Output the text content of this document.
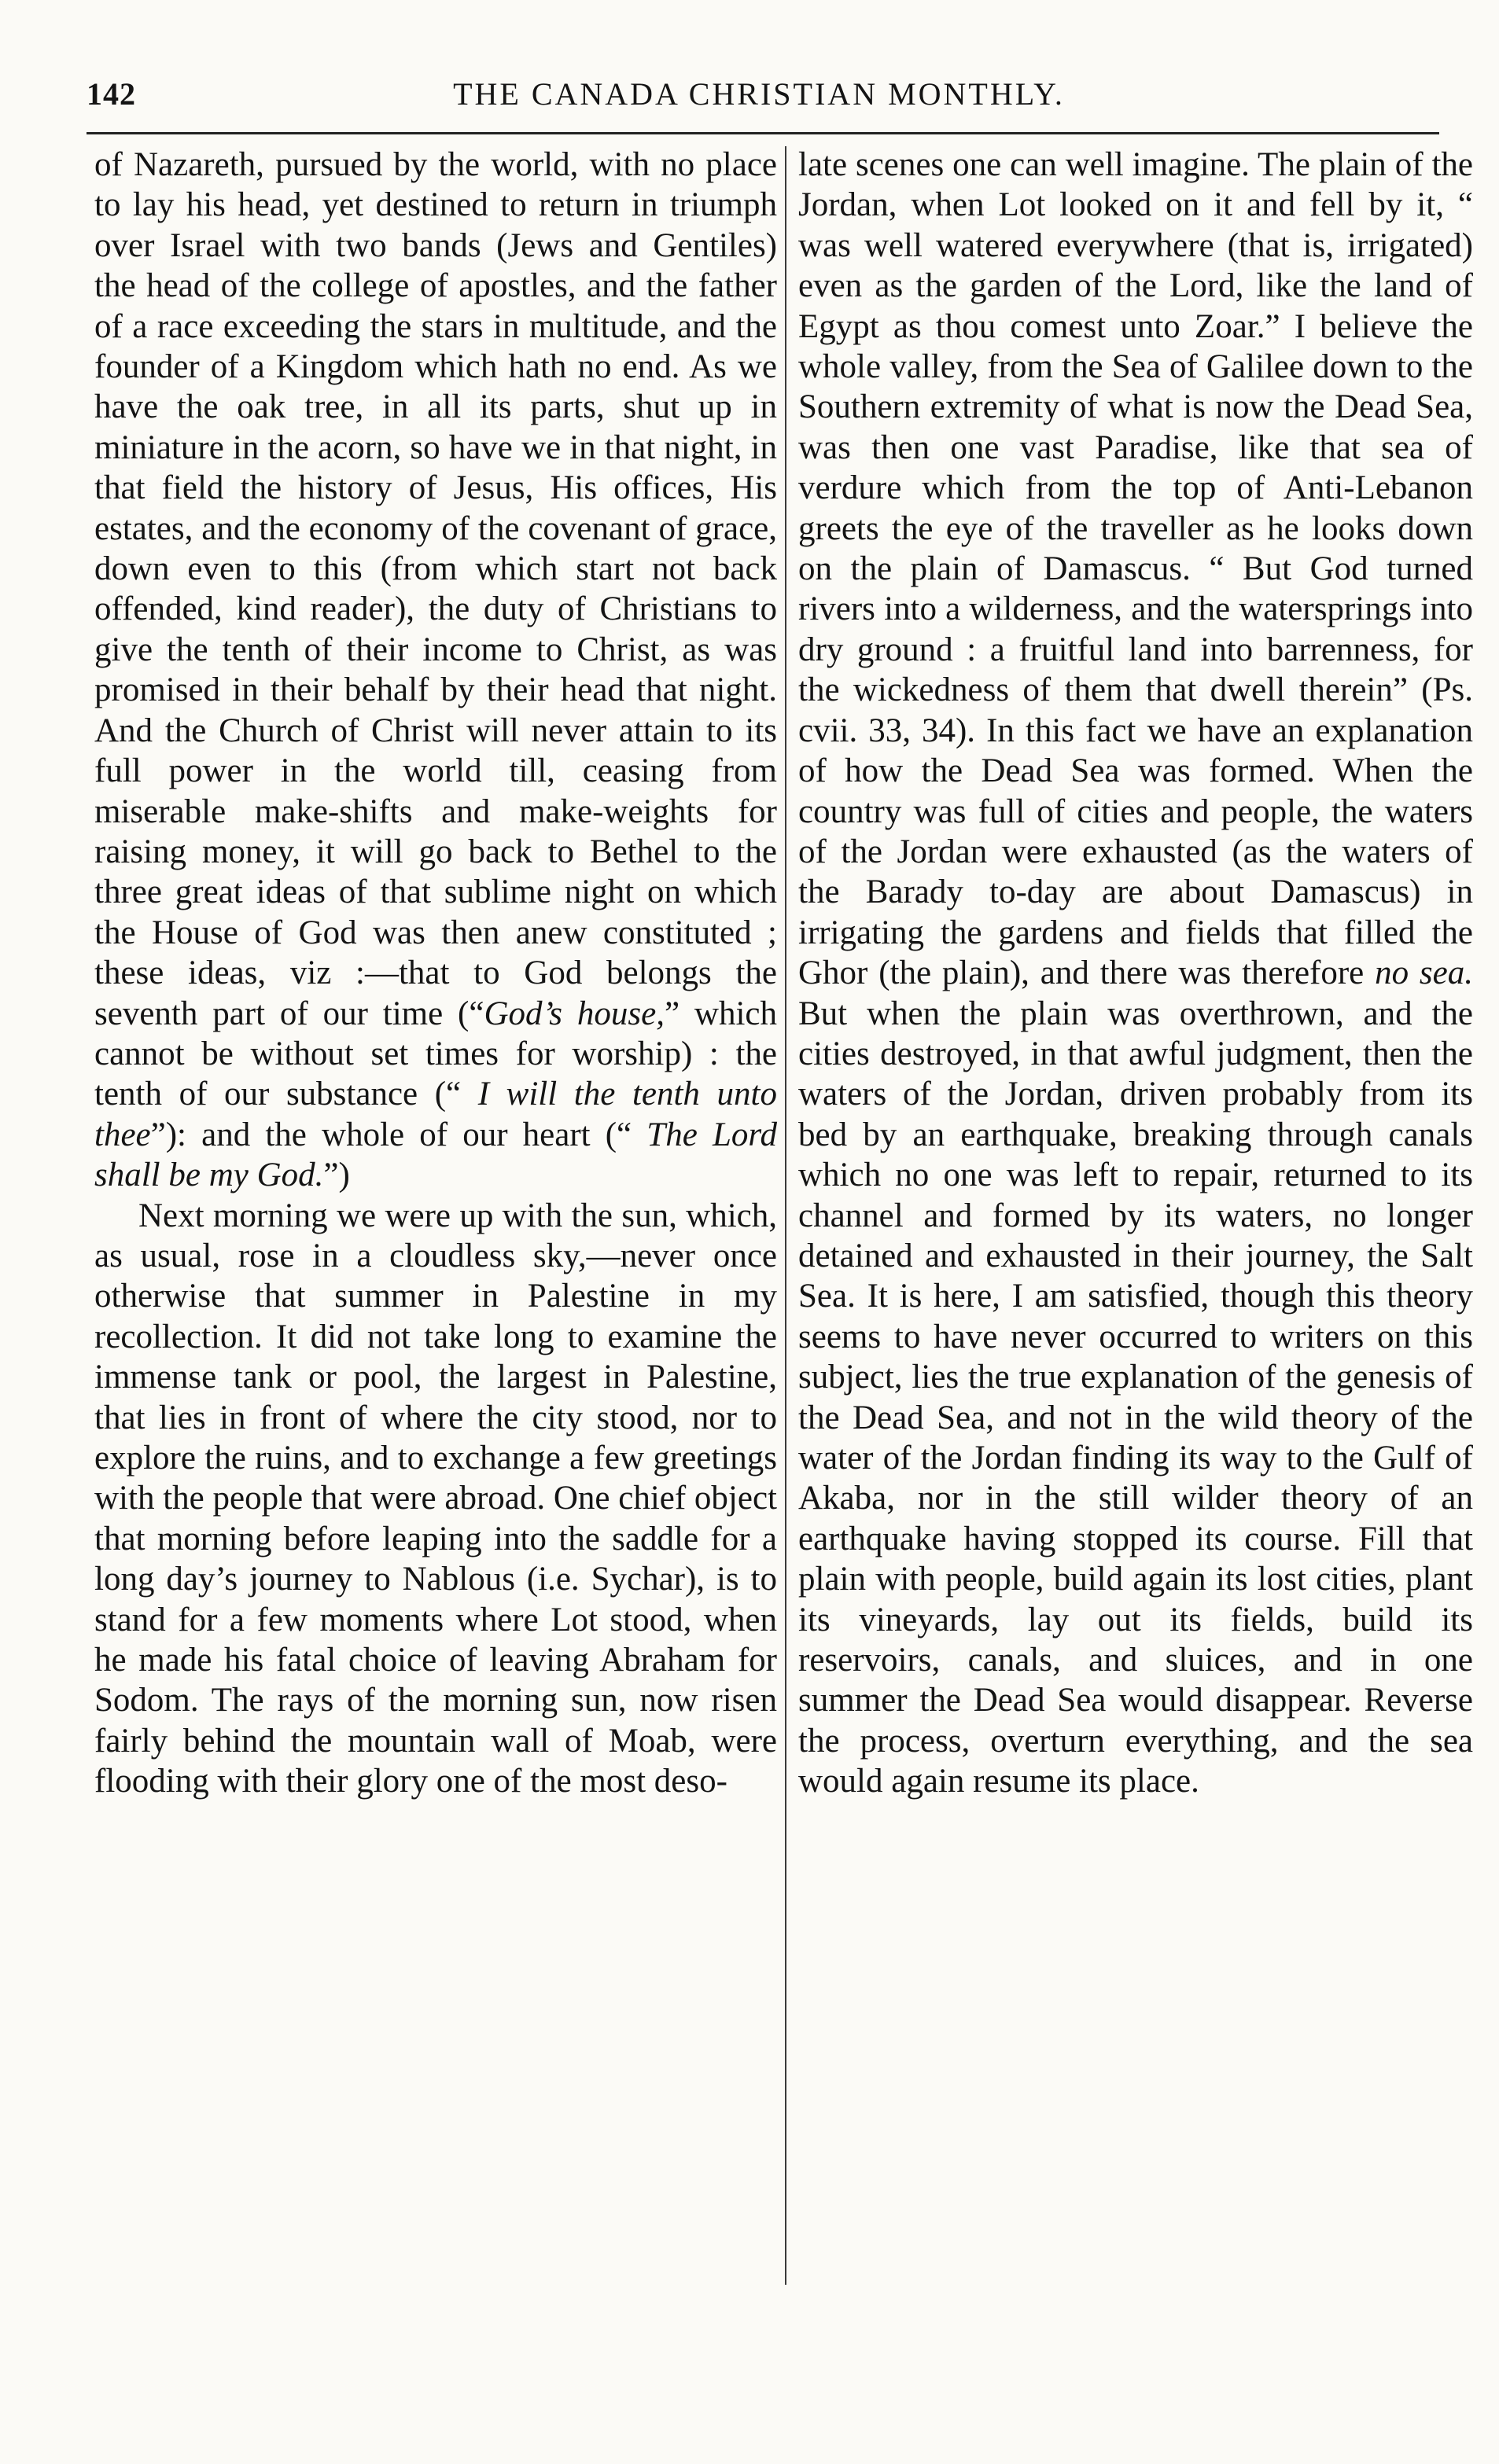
142	THE CANADA CHRISTIAN MONTHLY.

of Nazareth, pursued by the world, with no place to lay his head, yet destined to return in triumph over Israel with two bands (Jews and Gentiles) the head of the college of apostles, and the father of a race exceeding the stars in multitude, and the founder of a Kingdom which hath no end. As we have the oak tree, in all its parts, shut up in miniature in the acorn, so have we in that night, in that field the history of Jesus, His offices, His estates, and the economy of the covenant of grace, down even to this (from which start not back offended, kind reader), the duty of Christians to give the tenth of their income to Christ, as was promised in their behalf by their head that night. And the Church of Christ will never attain to its full power in the world till, ceasing from miserable make-shifts and make-weights for raising money, it will go back to Bethel to the three great ideas of that sublime night on which the House of God was then anew constituted ; these ideas, viz :—that to God belongs the seventh part of our time (“God’s house,” which cannot be without set times for worship) : the tenth of our substance (“ I will the tenth unto thee”): and the whole of our heart (“ The Lord shall be my God.”)

Next morning we were up with the sun, which, as usual, rose in a cloudless sky,—never once otherwise that summer in Palestine in my recollection. It did not take long to examine the immense tank or pool, the largest in Palestine, that lies in front of where the city stood, nor to explore the ruins, and to exchange a few greetings with the people that were abroad. One chief object that morning before leaping into the saddle for a long day’s journey to Nablous (i.e. Sychar), is to stand for a few moments where Lot stood, when he made his fatal choice of leaving Abraham for Sodom. The rays of the morning sun, now risen fairly behind the mountain wall of Moab, were flooding with their glory one of the most deso-

late scenes one can well imagine. The plain of the Jordan, when Lot looked on it and fell by it, “ was well watered everywhere (that is, irrigated) even as the garden of the Lord, like the land of Egypt as thou comest unto Zoar.” I believe the whole valley, from the Sea of Galilee down to the Southern extremity of what is now the Dead Sea, was then one vast Paradise, like that sea of verdure which from the top of Anti-Lebanon greets the eye of the traveller as he looks down on the plain of Damascus. “ But God turned rivers into a wilderness, and the watersprings into dry ground : a fruitful land into barrenness, for the wickedness of them that dwell therein” (Ps. cvii. 33, 34). In this fact we have an explanation of how the Dead Sea was formed. When the country was full of cities and people, the waters of the Jordan were exhausted (as the waters of the Barady to-day are about Damascus) in irrigating the gardens and fields that filled the Ghor (the plain), and there was therefore no sea. But when the plain was overthrown, and the cities destroyed, in that awful judgment, then the waters of the Jordan, driven probably from its bed by an earthquake, breaking through canals which no one was left to repair, returned to its channel and formed by its waters, no longer detained and exhausted in their journey, the Salt Sea. It is here, I am satisfied, though this theory seems to have never occurred to writers on this subject, lies the true explanation of the genesis of the Dead Sea, and not in the wild theory of the water of the Jordan finding its way to the Gulf of Akaba, nor in the still wilder theory of an earthquake having stopped its course. Fill that plain with people, build again its lost cities, plant its vineyards, lay out its fields, build its reservoirs, canals, and sluices, and in one summer the Dead Sea would disappear. Reverse the process, overturn everything, and the sea would again resume its place.
